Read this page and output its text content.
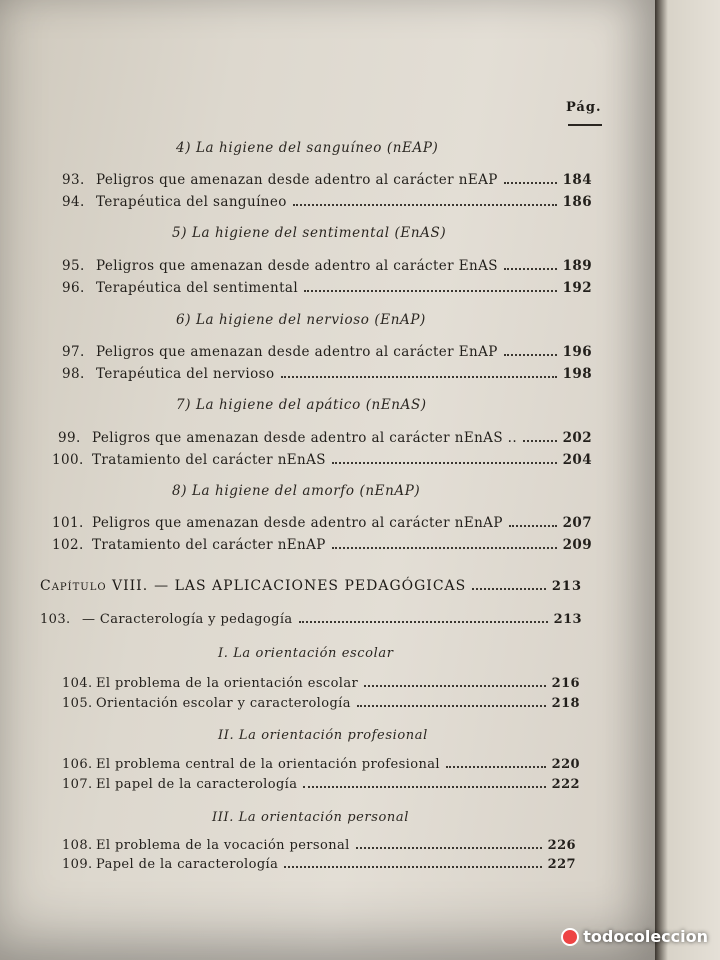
Pág.
4) La higiene del sanguíneo (nEAP)
93. Peligros que amenazan desde adentro al carácter nEAP	184
94. Terapéutica del sanguíneo	186
5) La higiene del sentimental (EnAS)
95. Peligros que amenazan desde adentro al carácter EnAS	189
96. Terapéutica del sentimental	192
6) La higiene del nervioso (EnAP)
97. Peligros que amenazan desde adentro al carácter EnAP	196
98. Terapéutica del nervioso	198
7) La higiene del apático (nEnAS)
99. Peligros que amenazan desde adentro al carácter nEnAS ..	202
100. Tratamiento del carácter nEnAS	204
8) La higiene del amorfo (nEnAP)
101. Peligros que amenazan desde adentro al carácter nEnAP	207
102. Tratamiento del carácter nEnAP	209
Capítulo VIII. — LAS APLICACIONES PEDAGÓGICAS	213
103. — Caracterología y pedagogía	213
I. La orientación escolar
104. El problema de la orientación escolar	216
105. Orientación escolar y caracterología	218
II. La orientación profesional
106. El problema central de la orientación profesional	220
107. El papel de la caracterología	222
III. La orientación personal
108. El problema de la vocación personal	226
109. Papel de la caracterología	227
todocoleccion
